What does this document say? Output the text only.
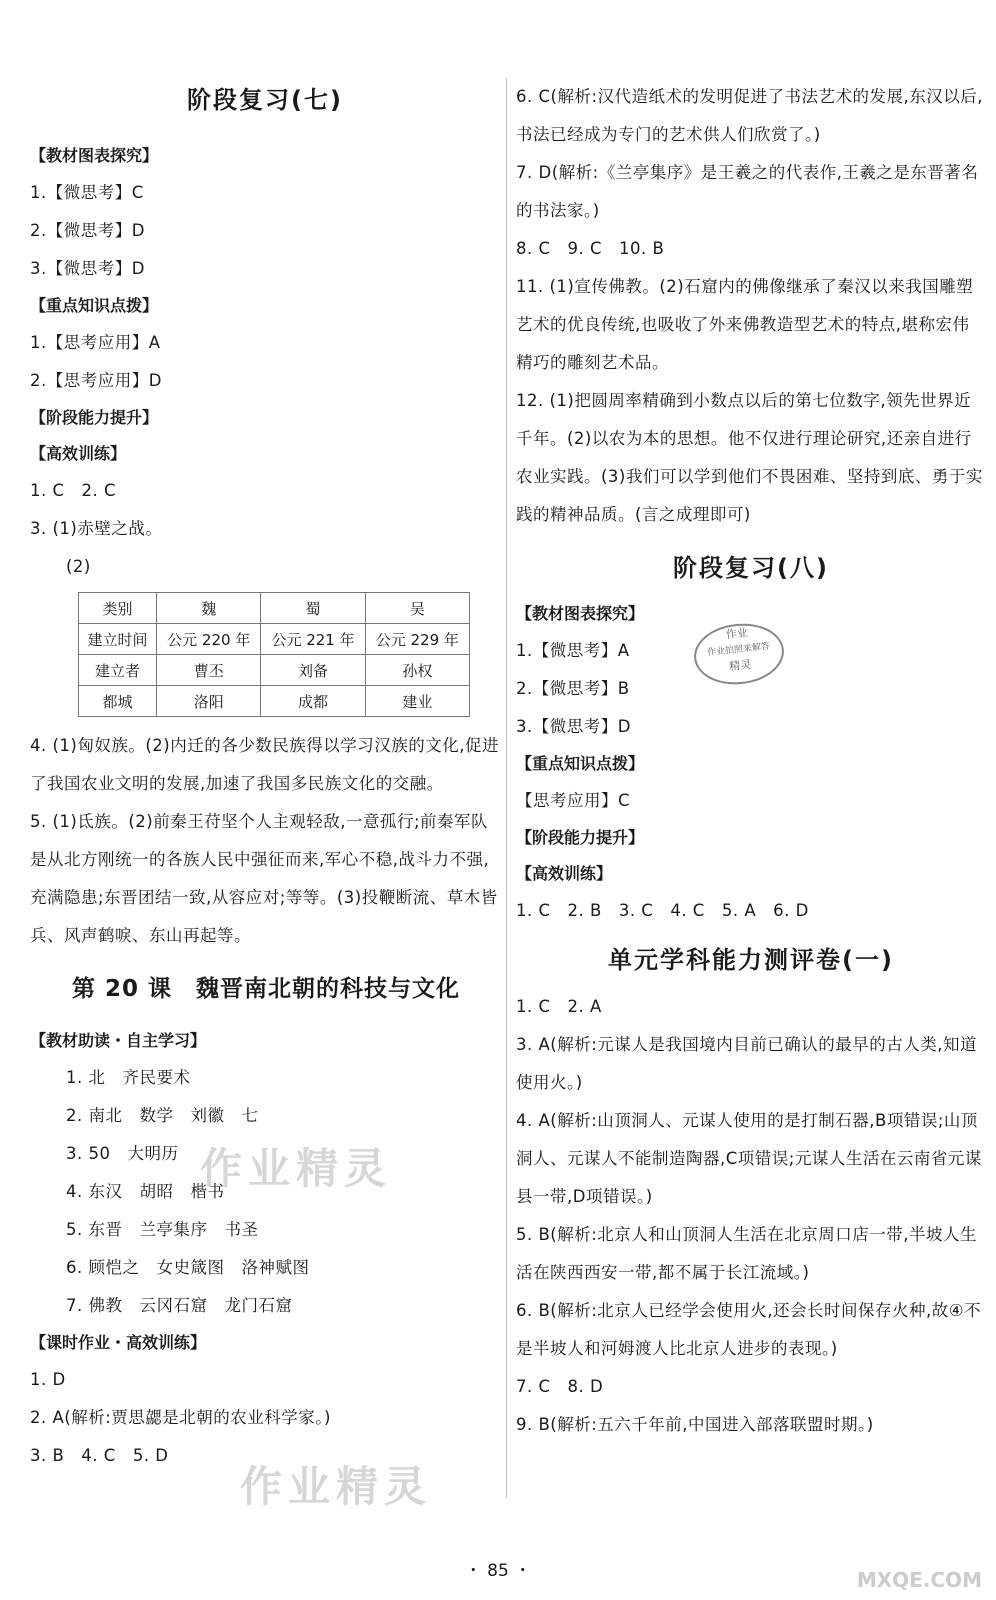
阶段复习(七)
【教材图表探究】
1.【微思考】C
2.【微思考】D
3.【微思考】D
【重点知识点拨】
1.【思考应用】A
2.【思考应用】D
【阶段能力提升】
【高效训练】
1. C　2. C
3. (1)赤壁之战。
(2)
类别	魏	蜀	吴
建立时间	公元 220 年	公元 221 年	公元 229 年
建立者	曹丕	刘备	孙权
都城	洛阳	成都	建业
4. (1)匈奴族。(2)内迁的各少数民族得以学习汉族的文化,促进了我国农业文明的发展,加速了我国多民族文化的交融。
5. (1)氐族。(2)前秦王苻坚个人主观轻敌,一意孤行;前秦军队是从北方刚统一的各族人民中强征而来,军心不稳,战斗力不强,充满隐患;东晋团结一致,从容应对;等等。(3)投鞭断流、草木皆兵、风声鹤唳、东山再起等。
第 20 课　魏晋南北朝的科技与文化
【教材助读・自主学习】
1. 北　齐民要术
2. 南北　数学　刘徽　七
3. 50　大明历
4. 东汉　胡昭　楷书
5. 东晋　兰亭集序　书圣
6. 顾恺之　女史箴图　洛神赋图
7. 佛教　云冈石窟　龙门石窟
【课时作业・高效训练】
1. D
2. A(解析:贾思勰是北朝的农业科学家。)
3. B　4. C　5. D
6. C(解析:汉代造纸术的发明促进了书法艺术的发展,东汉以后,书法已经成为专门的艺术供人们欣赏了。)
7. D(解析:《兰亭集序》是王羲之的代表作,王羲之是东晋著名的书法家。)
8. C　9. C　10. B
11. (1)宣传佛教。(2)石窟内的佛像继承了秦汉以来我国雕塑艺术的优良传统,也吸收了外来佛教造型艺术的特点,堪称宏伟精巧的雕刻艺术品。
12. (1)把圆周率精确到小数点以后的第七位数字,领先世界近千年。(2)以农为本的思想。他不仅进行理论研究,还亲自进行农业实践。(3)我们可以学到他们不畏困难、坚持到底、勇于实践的精神品质。(言之成理即可)
阶段复习(八)
【教材图表探究】
1.【微思考】A
2.【微思考】B
3.【微思考】D
【重点知识点拨】
【思考应用】C
【阶段能力提升】
【高效训练】
1. C　2. B　3. C　4. C　5. A　6. D
单元学科能力测评卷(一)
1. C　2. A
3. A(解析:元谋人是我国境内目前已确认的最早的古人类,知道使用火。)
4. A(解析:山顶洞人、元谋人使用的是打制石器,B项错误;山顶洞人、元谋人不能制造陶器,C项错误;元谋人生活在云南省元谋县一带,D项错误。)
5. B(解析:北京人和山顶洞人生活在北京周口店一带,半坡人生活在陕西西安一带,都不属于长江流域。)
6. B(解析:北京人已经学会使用火,还会长时间保存火种,故④不是半坡人和河姆渡人比北京人进步的表现。)
7. C　8. D
9. B(解析:五六千年前,中国进入部落联盟时期。)
作业
作业拍照来解答
精灵
作业精灵
作业精灵
・ 85 ・	MXQE.COM
